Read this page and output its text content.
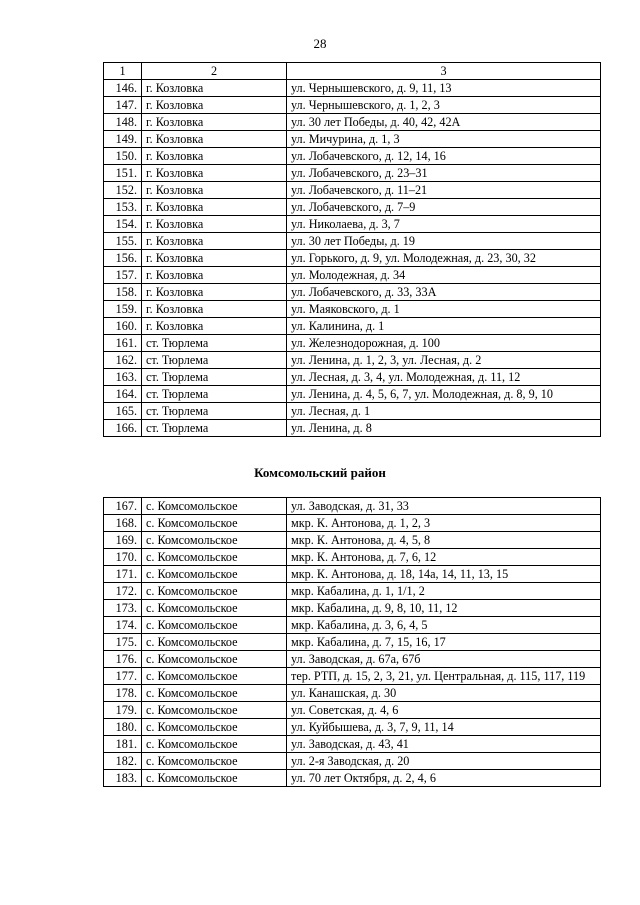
28
1	2	3
146.	г. Козловка	ул. Чернышевского, д. 9, 11, 13
147.	г. Козловка	ул. Чернышевского, д. 1, 2, 3
148.	г. Козловка	ул. 30 лет Победы, д. 40, 42, 42А
149.	г. Козловка	ул. Мичурина, д. 1, 3
150.	г. Козловка	ул. Лобачевского, д. 12, 14, 16
151.	г. Козловка	ул. Лобачевского, д. 23–31
152.	г. Козловка	ул. Лобачевского, д. 11–21
153.	г. Козловка	ул. Лобачевского, д. 7–9
154.	г. Козловка	ул. Николаева, д. 3, 7
155.	г. Козловка	ул. 30 лет Победы, д. 19
156.	г. Козловка	ул. Горького, д. 9, ул. Молодежная, д. 23, 30, 32
157.	г. Козловка	ул. Молодежная, д. 34
158.	г. Козловка	ул. Лобачевского, д. 33, 33А
159.	г. Козловка	ул. Маяковского, д. 1
160.	г. Козловка	ул. Калинина, д. 1
161.	ст. Тюрлема	ул. Железнодорожная, д. 100
162.	ст. Тюрлема	ул. Ленина, д. 1, 2, 3, ул. Лесная, д. 2
163.	ст. Тюрлема	ул. Лесная, д. 3, 4, ул. Молодежная, д. 11, 12
164.	ст. Тюрлема	ул. Ленина, д. 4, 5, 6, 7, ул. Молодежная, д. 8, 9, 10
165.	ст. Тюрлема	ул. Лесная, д. 1
166.	ст. Тюрлема	ул. Ленина, д. 8
Комсомольский район
167.	с. Комсомольское	ул. Заводская, д. 31, 33
168.	с. Комсомольское	мкр. К. Антонова, д. 1, 2, 3
169.	с. Комсомольское	мкр. К. Антонова, д. 4, 5, 8
170.	с. Комсомольское	мкр. К. Антонова, д. 7, 6, 12
171.	с. Комсомольское	мкр. К. Антонова, д. 18, 14а, 14, 11, 13, 15
172.	с. Комсомольское	мкр. Кабалина, д. 1, 1/1, 2
173.	с. Комсомольское	мкр. Кабалина, д. 9, 8, 10, 11, 12
174.	с. Комсомольское	мкр. Кабалина, д. 3, 6, 4, 5
175.	с. Комсомольское	мкр. Кабалина, д. 7, 15, 16, 17
176.	с. Комсомольское	ул. Заводская, д. 67а, 67б
177.	с. Комсомольское	тер. РТП, д. 15, 2, 3, 21, ул. Центральная, д. 115, 117, 119
178.	с. Комсомольское	ул. Канашская, д. 30
179.	с. Комсомольское	ул. Советская, д. 4, 6
180.	с. Комсомольское	ул. Куйбышева, д. 3, 7, 9, 11, 14
181.	с. Комсомольское	ул. Заводская, д. 43, 41
182.	с. Комсомольское	ул. 2-я Заводская, д. 20
183.	с. Комсомольское	ул. 70 лет Октября, д. 2, 4, 6
